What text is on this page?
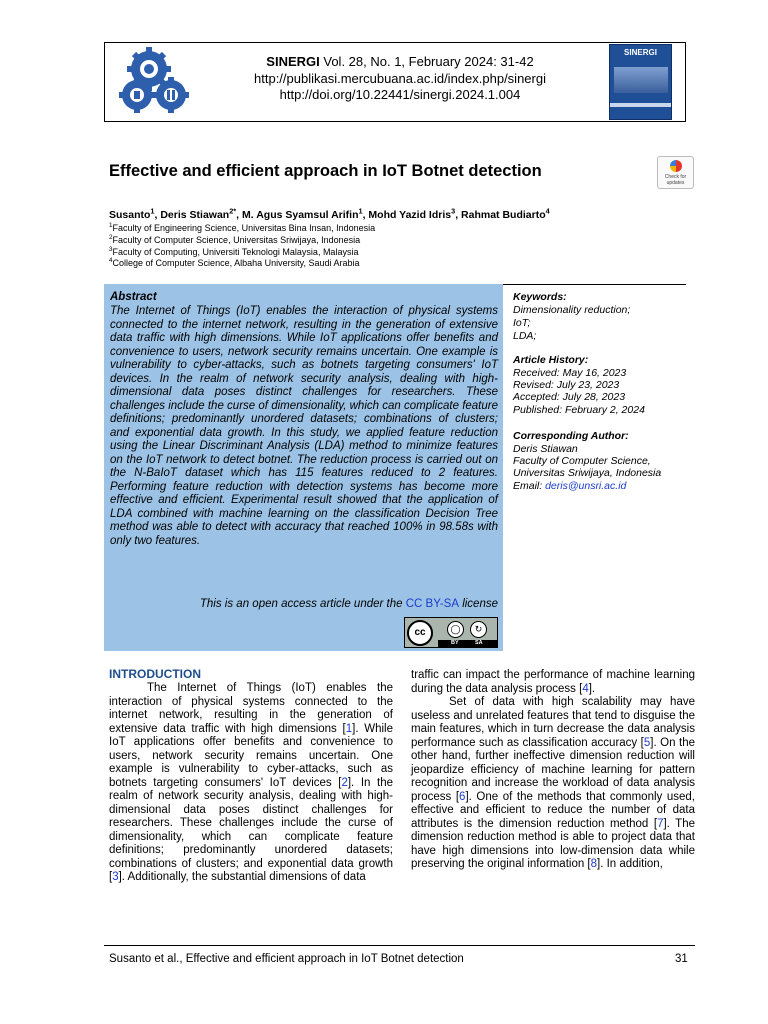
SINERGI Vol. 28, No. 1, February 2024: 31-42
http://publikasi.mercubuana.ac.id/index.php/sinergi
http://doi.org/10.22441/sinergi.2024.1.004
SINERGI
Effective and efficient approach in IoT Botnet detection	Check for updates
Susanto$^1$, Deris Stiawan$^{2*}$, M. Agus Syamsul Arifin$^1$, Mohd Yazid Idris$^3$, Rahmat Budiarto$^4$
$^1$Faculty of Engineering Science, Universitas Bina Insan, Indonesia
$^2$Faculty of Computer Science, Universitas Sriwijaya, Indonesia
$^3$Faculty of Computing, Universiti Teknologi Malaysia, Malaysia
$^4$College of Computer Science, Albaha University, Saudi Arabia
Abstract
The Internet of Things (IoT) enables the interaction of physical systems connected to the internet network, resulting in the generation of extensive data traffic with high dimensions. While IoT applications offer benefits and convenience to users, network security remains uncertain. One example is vulnerability to cyber-attacks, such as botnets targeting consumers' IoT devices. In the realm of network security analysis, dealing with high-dimensional data poses distinct challenges for researchers. These challenges include the curse of dimensionality, which can complicate feature definitions; predominantly unordered datasets; combinations of clusters; and exponential data growth. In this study, we applied feature reduction using the Linear Discriminant Analysis (LDA) method to minimize features on the IoT network to detect botnet. The reduction process is carried out on the N-BaIoT dataset which has 115 features reduced to 2 features. Performing feature reduction with detection systems has become more effective and efficient. Experimental result showed that the application of LDA combined with machine learning on the classification Decision Tree method was able to detect with accuracy that reached 100% in 98.58s with only two features.
This is an open access article under the CC BY-SA license
cc	◯	↻
BY	SA
Keywords:
Dimensionality reduction;
IoT;
LDA;
Article History:
Received: May 16, 2023
Revised: July 23, 2023
Accepted: July 28, 2023
Published: February 2, 2024
Corresponding Author:
Deris Stiawan
Faculty of Computer Science,
Universitas Sriwijaya, Indonesia
Email: deris@unsri.ac.id
INTRODUCTION

The Internet of Things (IoT) enables the interaction of physical systems connected to the internet network, resulting in the generation of extensive data traffic with high dimensions [1]. While IoT applications offer benefits and convenience to users, network security remains uncertain. One example is vulnerability to cyber-attacks, such as botnets targeting consumers' IoT devices [2]. In the realm of network security analysis, dealing with high-dimensional data poses distinct challenges for researchers. These challenges include the curse of dimensionality, which can complicate feature definitions; predominantly unordered datasets; combinations of clusters; and exponential data growth [3]. Additionally, the substantial dimensions of data

traffic can impact the performance of machine learning during the data analysis process [4].

Set of data with high scalability may have useless and unrelated features that tend to disguise the main features, which in turn decrease the data analysis performance such as classification accuracy [5]. On the other hand, further ineffective dimension reduction will jeopardize efficiency of machine learning for pattern recognition and increase the workload of data analysis process [6]. One of the methods that commonly used, effective and efficient to reduce the number of data attributes is the dimension reduction method [7]. The dimension reduction method is able to project data that have high dimensions into low-dimension data while preserving the original information [8]. In addition,

Susanto et al., Effective and efficient approach in IoT Botnet detection	31
